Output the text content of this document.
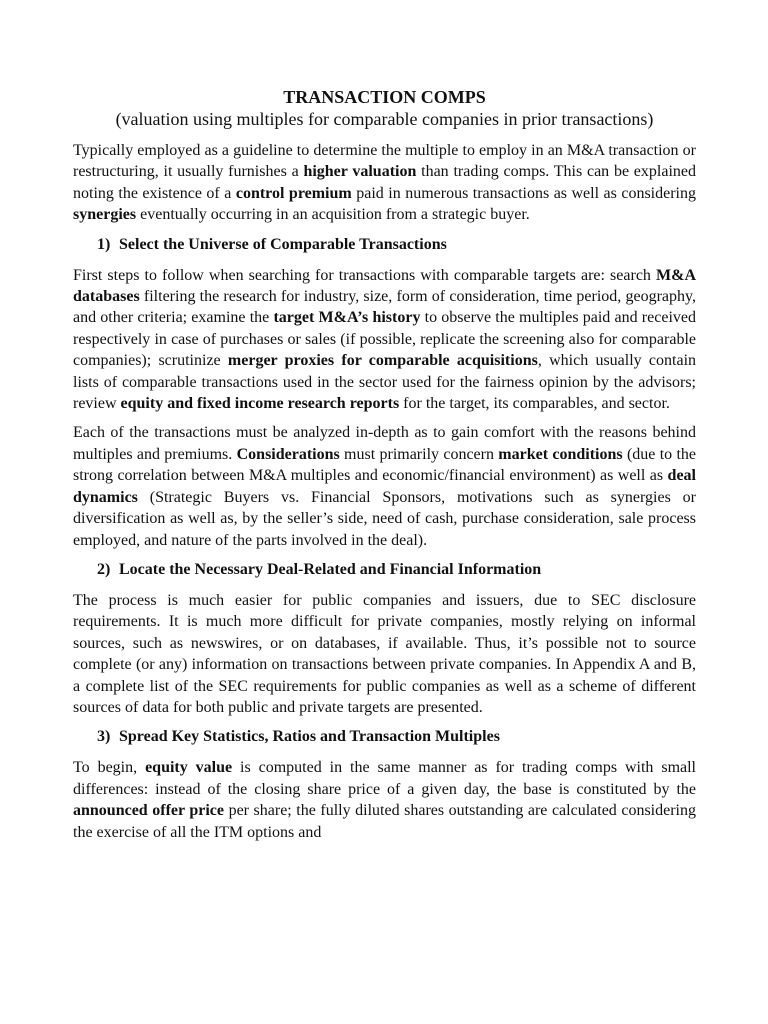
TRANSACTION COMPS

(valuation using multiples for comparable companies in prior transactions)

Typically employed as a guideline to determine the multiple to employ in an M&A transaction or restructuring, it usually furnishes a higher valuation than trading comps. This can be explained noting the existence of a control premium paid in numerous transactions as well as considering synergies eventually occurring in an acquisition from a strategic buyer.

1) Select the Universe of Comparable Transactions

First steps to follow when searching for transactions with comparable targets are: search M&A databases filtering the research for industry, size, form of consideration, time period, geography, and other criteria; examine the target M&A’s history to observe the multiples paid and received respectively in case of purchases or sales (if possible, replicate the screening also for comparable companies); scrutinize merger proxies for comparable acquisitions, which usually contain lists of comparable transactions used in the sector used for the fairness opinion by the advisors; review equity and fixed income research reports for the target, its comparables, and sector.

Each of the transactions must be analyzed in-depth as to gain comfort with the reasons behind multiples and premiums. Considerations must primarily concern market conditions (due to the strong correlation between M&A multiples and economic/financial environment) as well as deal dynamics (Strategic Buyers vs. Financial Sponsors, motivations such as synergies or diversification as well as, by the seller’s side, need of cash, purchase consideration, sale process employed, and nature of the parts involved in the deal).

2) Locate the Necessary Deal-Related and Financial Information

The process is much easier for public companies and issuers, due to SEC disclosure requirements. It is much more difficult for private companies, mostly relying on informal sources, such as newswires, or on databases, if available. Thus, it’s possible not to source complete (or any) information on transactions between private companies. In Appendix A and B, a complete list of the SEC requirements for public companies as well as a scheme of different sources of data for both public and private targets are presented.

3) Spread Key Statistics, Ratios and Transaction Multiples

To begin, equity value is computed in the same manner as for trading comps with small differences: instead of the closing share price of a given day, the base is constituted by the announced offer price per share; the fully diluted shares outstanding are calculated considering the exercise of all the ITM options and
